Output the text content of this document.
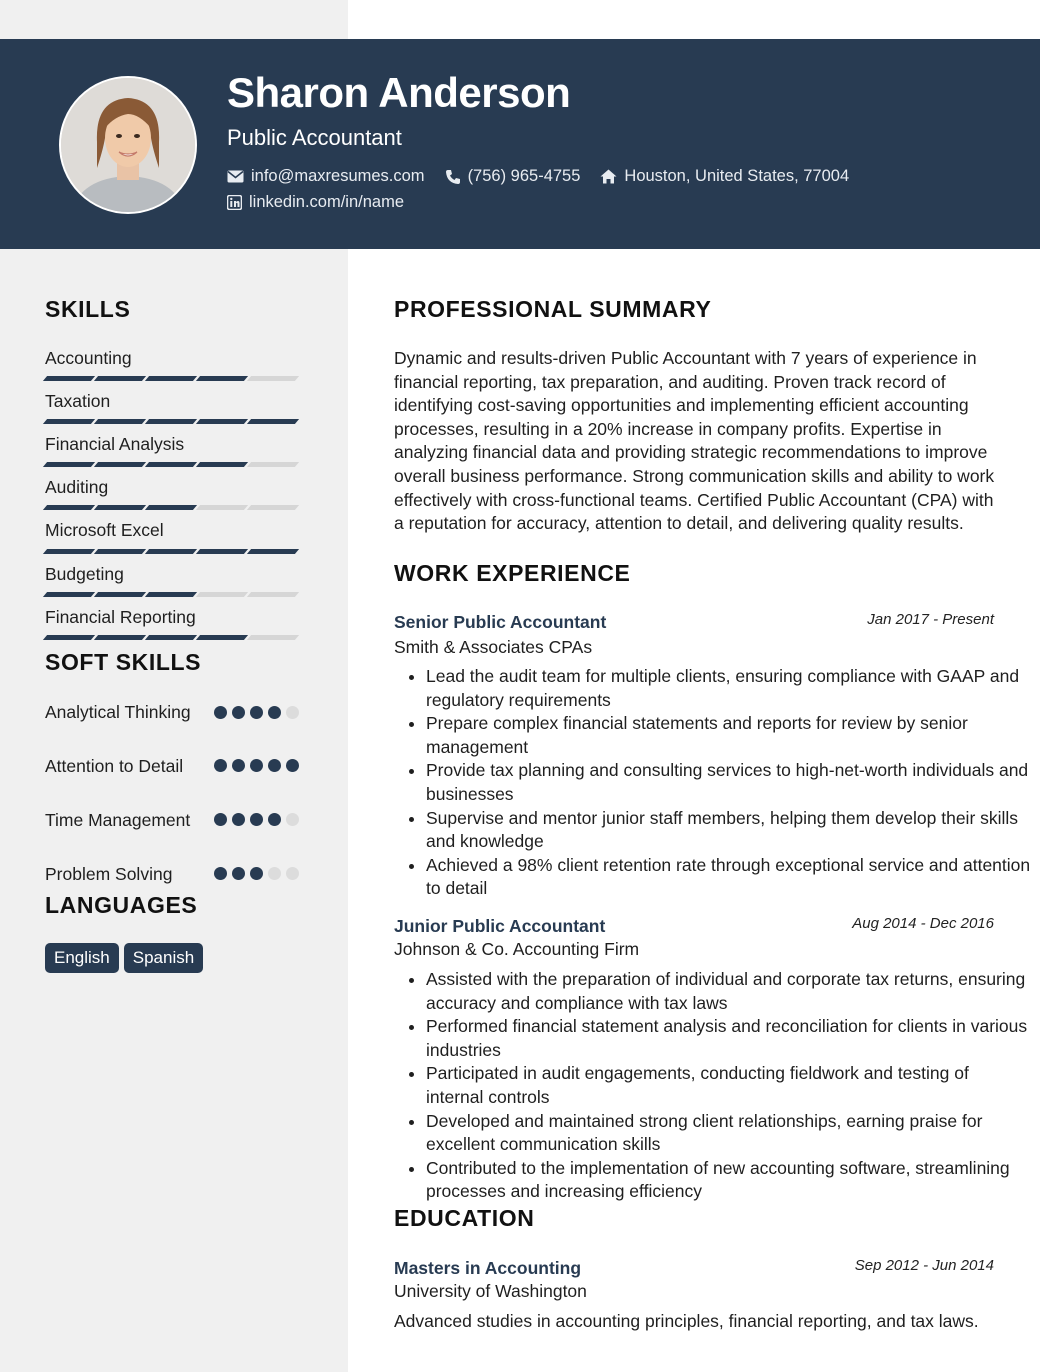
Sharon Anderson
Public Accountant
info@maxresumes.com	(756) 965-4755	Houston, United States, 77004
linkedin.com/in/name
SKILLS
Accounting
Taxation
Financial Analysis
Auditing
Microsoft Excel
Budgeting
Financial Reporting
SOFT SKILLS
Analytical Thinking
Attention to Detail
Time Management
Problem Solving
LANGUAGES
English	Spanish
PROFESSIONAL SUMMARY
Dynamic and results-driven Public Accountant with 7 years of experience in financial reporting, tax preparation, and auditing. Proven track record of identifying cost-saving opportunities and implementing efficient accounting processes, resulting in a 20% increase in company profits. Expertise in analyzing financial data and providing strategic recommendations to improve overall business performance. Strong communication skills and ability to work effectively with cross-functional teams. Certified Public Accountant (CPA) with a reputation for accuracy, attention to detail, and delivering quality results.
WORK EXPERIENCE
Senior Public Accountant	Jan 2017 - Present
Smith & Associates CPAs
• Lead the audit team for multiple clients, ensuring compliance with GAAP and regulatory requirements
• Prepare complex financial statements and reports for review by senior management
• Provide tax planning and consulting services to high-net-worth individuals and businesses
• Supervise and mentor junior staff members, helping them develop their skills and knowledge
• Achieved a 98% client retention rate through exceptional service and attention to detail
Junior Public Accountant	Aug 2014 - Dec 2016
Johnson & Co. Accounting Firm
• Assisted with the preparation of individual and corporate tax returns, ensuring accuracy and compliance with tax laws
• Performed financial statement analysis and reconciliation for clients in various industries
• Participated in audit engagements, conducting fieldwork and testing of internal controls
• Developed and maintained strong client relationships, earning praise for excellent communication skills
• Contributed to the implementation of new accounting software, streamlining processes and increasing efficiency
EDUCATION
Masters in Accounting	Sep 2012 - Jun 2014
University of Washington
Advanced studies in accounting principles, financial reporting, and tax laws.
